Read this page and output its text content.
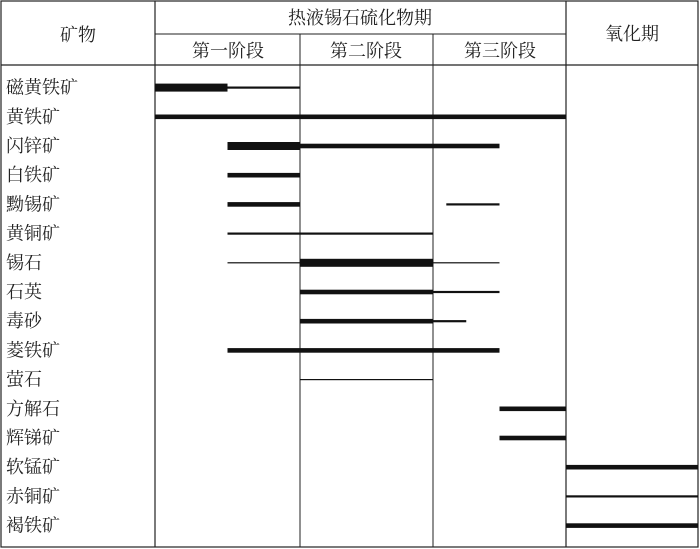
矿物
热液锡石硫化物期
第一阶段	第二阶段	第三阶段
氧化期
磁黄铁矿
黄铁矿
闪锌矿
白铁矿
黝锡矿
黄铜矿
锡石
石英
毒砂
菱铁矿
萤石
方解石
辉锑矿
软锰矿
赤铜矿
褐铁矿
